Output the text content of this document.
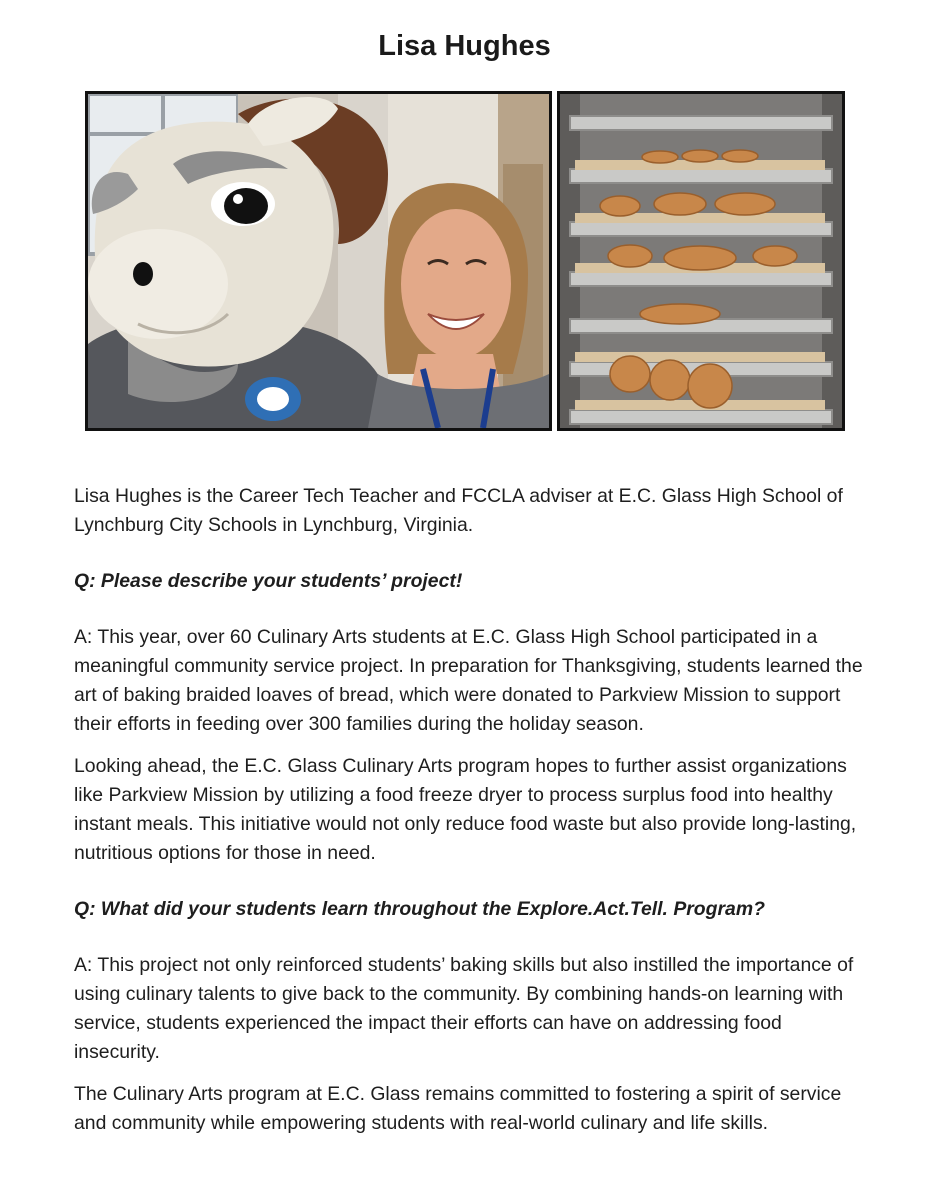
Lisa Hughes

Lisa Hughes is the Career Tech Teacher and FCCLA adviser at E.C. Glass High School of Lynchburg City Schools in Lynchburg, Virginia.

Q: Please describe your students’ project!

A: This year, over 60 Culinary Arts students at E.C. Glass High School participated in a meaningful community service project. In preparation for Thanksgiving, students learned the art of baking braided loaves of bread, which were donated to Parkview Mission to support their efforts in feeding over 300 families during the holiday season.

Looking ahead, the E.C. Glass Culinary Arts program hopes to further assist organizations like Parkview Mission by utilizing a food freeze dryer to process surplus food into healthy instant meals. This initiative would not only reduce food waste but also provide long-lasting, nutritious options for those in need.

Q: What did your students learn throughout the Explore.Act.Tell. Program?

A: This project not only reinforced students’ baking skills but also instilled the importance of using culinary talents to give back to the community. By combining hands-on learning with service, students experienced the impact their efforts can have on addressing food insecurity.

The Culinary Arts program at E.C. Glass remains committed to fostering a spirit of service and community while empowering students with real-world culinary and life skills.
